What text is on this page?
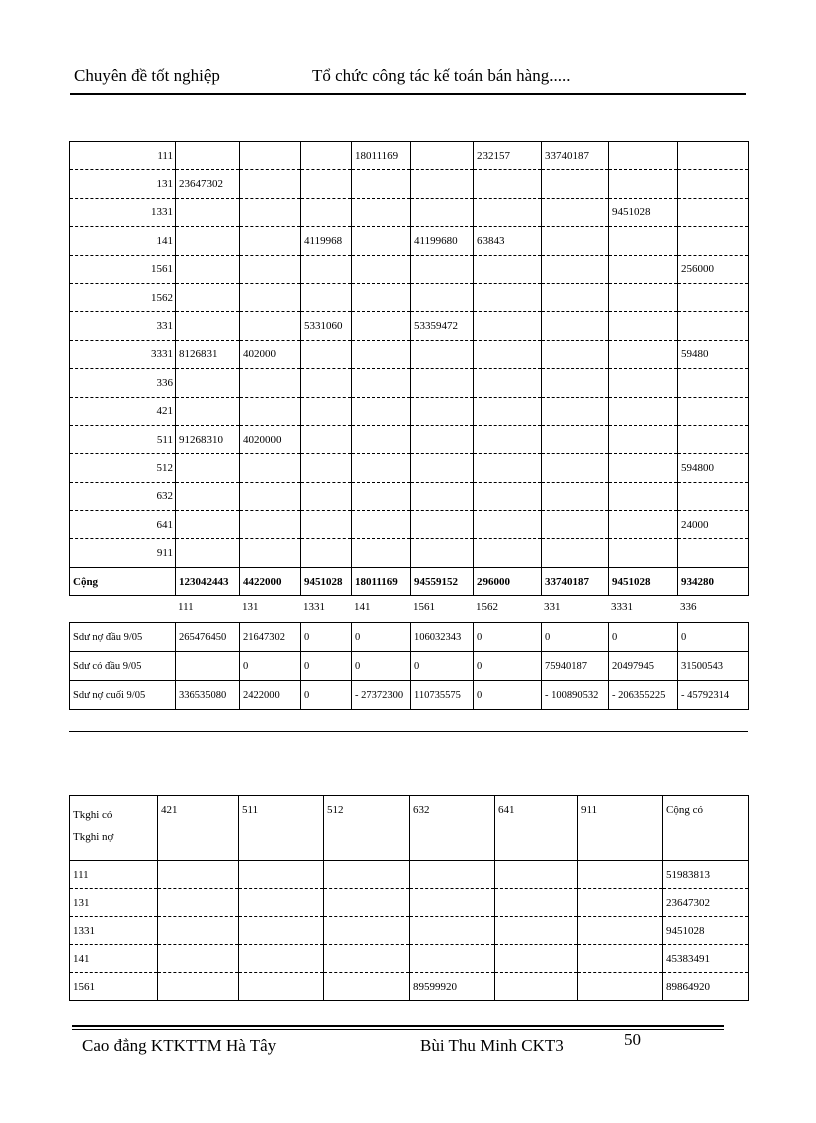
Chuyên đề tốt nghiệp	Tổ chức công tác kế toán bán hàng.....
111				18011169		232157	33740187		
131	23647302								
1331								9451028	
141			4119968		41199680	63843			
1561									256000
1562									
331			5331060		53359472				
3331	8126831	402000							59480
336									
421									
511	91268310	4020000							
512									594800
632									
641									24000
911									
Cộng	123042443	4422000	9451028	18011169	94559152	296000	33740187	9451028	934280
	111	131	1331	141	1561	1562	331	3331	336
Sdư nợ đầu 9/05	265476450	21647302	0	0	106032343	0	0	0	0
Sdư có đầu 9/05		0	0	0	0	0	75940187	20497945	31500543
Sdư nợ cuối 9/05	336535080	2422000	0	- 27372300	110735575	0	- 100890532	- 206355225	- 45792314
Tkghi có
Tkghi nợ	421	511	512	632	641	911	Cộng có
111							51983813
131							23647302
1331							9451028
141							45383491
1561				89599920			89864920
Cao đẳng KTKTTM Hà Tây	Bùi Thu Minh CKT3	50
